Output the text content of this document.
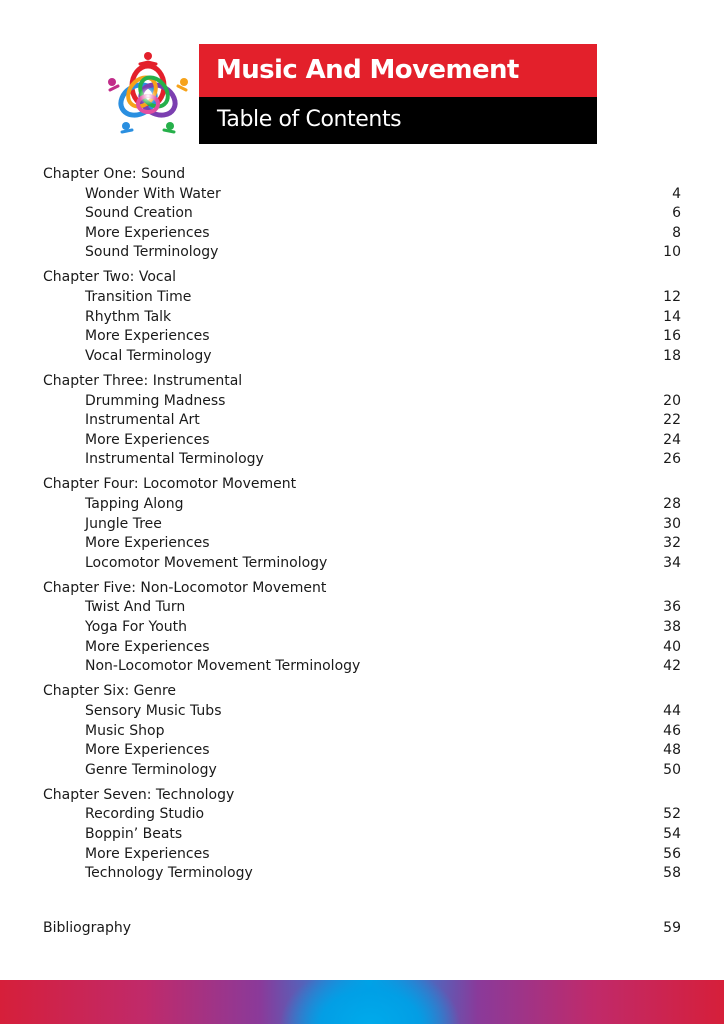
Music And Movement
Table of Contents
Chapter One: Sound
Wonder With Water	4
Sound Creation	6
More Experiences	8
Sound Terminology	10
Chapter Two: Vocal
Transition Time	12
Rhythm Talk	14
More Experiences	16
Vocal Terminology	18
Chapter Three: Instrumental
Drumming Madness	20
Instrumental Art	22
More Experiences	24
Instrumental Terminology	26
Chapter Four: Locomotor Movement
Tapping Along	28
Jungle Tree	30
More Experiences	32
Locomotor Movement Terminology	34
Chapter Five: Non-Locomotor Movement
Twist And Turn	36
Yoga For Youth	38
More Experiences	40
Non-Locomotor Movement Terminology	42
Chapter Six: Genre
Sensory Music Tubs	44
Music Shop	46
More Experiences	48
Genre Terminology	50
Chapter Seven: Technology
Recording Studio	52
Boppin’ Beats	54
More Experiences	56
Technology Terminology	58
Bibliography	59
